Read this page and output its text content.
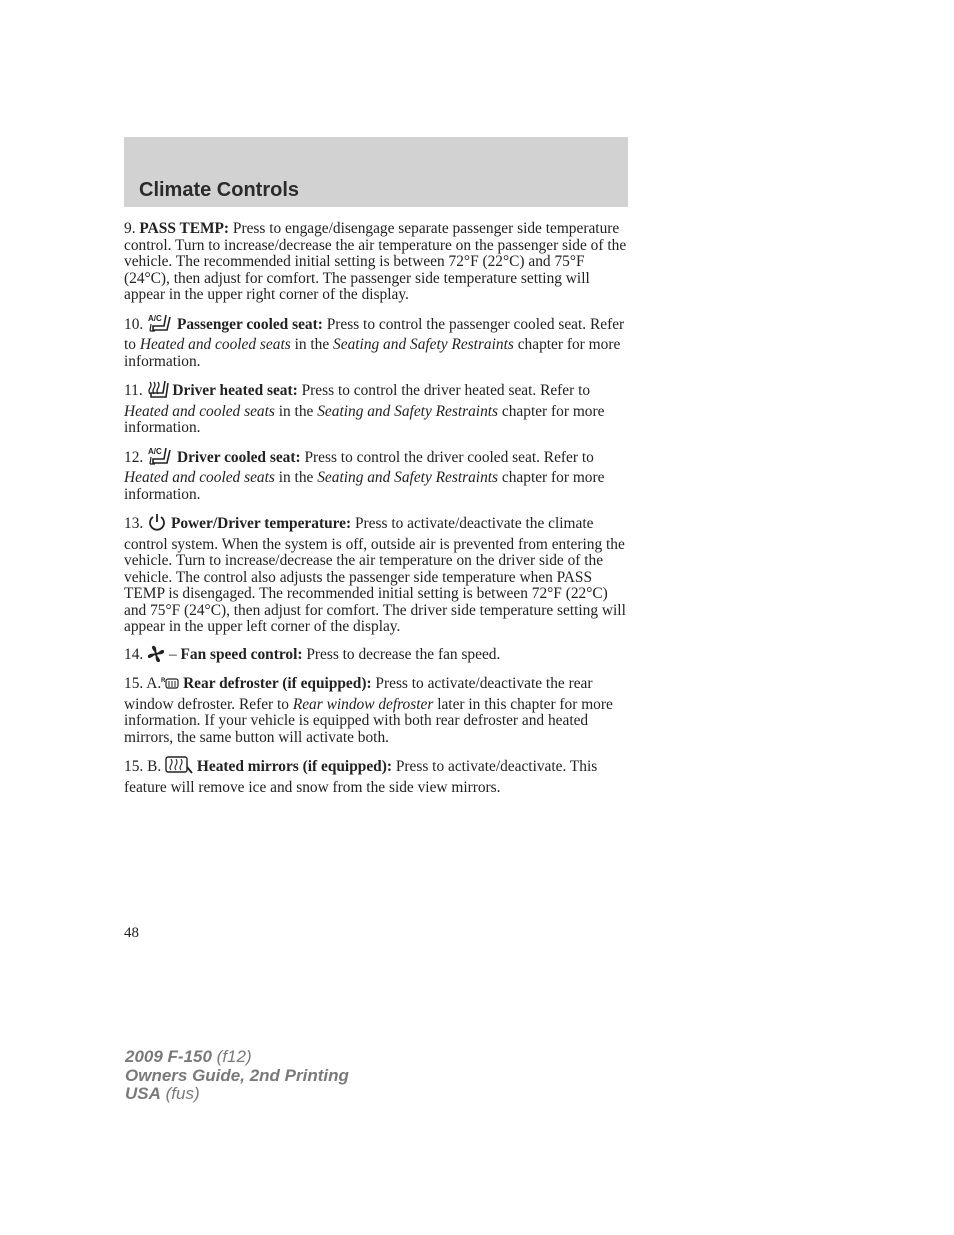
Climate Controls

9. PASS TEMP: Press to engage/disengage separate passenger side temperature control. Turn to increase/decrease the air temperature on the passenger side of the vehicle. The recommended initial setting is between 72°F (22°C) and 75°F (24°C), then adjust for comfort. The passenger side temperature setting will appear in the upper right corner of the display.

10. A/C Passenger cooled seat: Press to control the passenger cooled seat. Refer to Heated and cooled seats in the Seating and Safety Restraints chapter for more information.

11.  Driver heated seat: Press to control the driver heated seat. Refer to Heated and cooled seats in the Seating and Safety Restraints chapter for more information.

12. A/C Driver cooled seat: Press to control the driver cooled seat. Refer to Heated and cooled seats in the Seating and Safety Restraints chapter for more information.

13.  Power/Driver temperature: Press to activate/deactivate the climate control system. When the system is off, outside air is prevented from entering the vehicle. Turn to increase/decrease the air temperature on the driver side of the vehicle. The control also adjusts the passenger side temperature when PASS TEMP is disengaged. The recommended initial setting is between 72°F (22°C) and 75°F (24°C), then adjust for comfort. The driver side temperature setting will appear in the upper left corner of the display.

14.  – Fan speed control: Press to decrease the fan speed.

15. A. R Rear defroster (if equipped): Press to activate/deactivate the rear window defroster. Refer to Rear window defroster later in this chapter for more information. If your vehicle is equipped with both rear defroster and heated mirrors, the same button will activate both.

15. B.  Heated mirrors (if equipped): Press to activate/deactivate. This feature will remove ice and snow from the side view mirrors.

48
2009 F-150 (f12)
Owners Guide, 2nd Printing
USA (fus)
